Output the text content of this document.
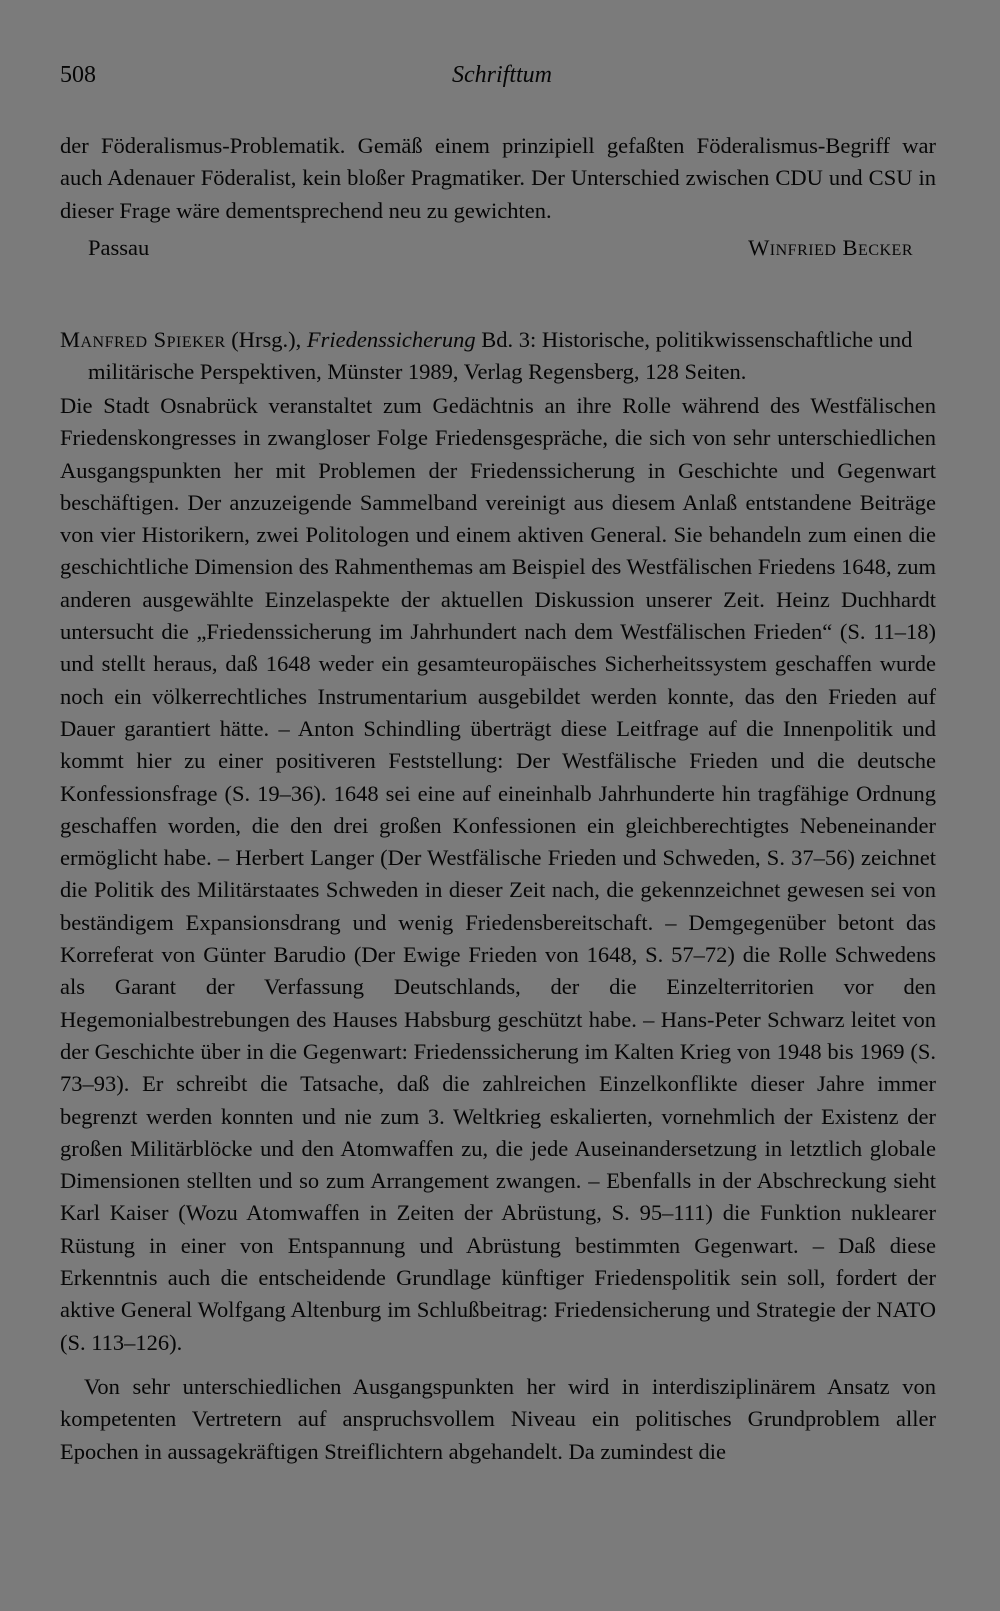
508	Schrifttum
der Föderalismus-Problematik. Gemäß einem prinzipiell gefaßten Föderalismus-Begriff war auch Adenauer Föderalist, kein bloßer Pragmatiker. Der Unterschied zwischen CDU und CSU in dieser Frage wäre dementsprechend neu zu gewichten.
Passau	Winfried Becker
Manfred Spieker (Hrsg.), Friedenssicherung Bd. 3: Historische, politikwissenschaftliche und militärische Perspektiven, Münster 1989, Verlag Regensberg, 128 Seiten.

Die Stadt Osnabrück veranstaltet zum Gedächtnis an ihre Rolle während des Westfälischen Friedenskongresses in zwangloser Folge Friedensgespräche, die sich von sehr unterschiedlichen Ausgangspunkten her mit Problemen der Friedenssicherung in Geschichte und Gegenwart beschäftigen. Der anzuzeigende Sammelband vereinigt aus diesem Anlaß entstandene Beiträge von vier Historikern, zwei Politologen und einem aktiven General. Sie behandeln zum einen die geschichtliche Dimension des Rahmenthemas am Beispiel des Westfälischen Friedens 1648, zum anderen ausgewählte Einzelaspekte der aktuellen Diskussion unserer Zeit. Heinz Duchhardt untersucht die „Friedenssicherung im Jahrhundert nach dem Westfälischen Frieden“ (S. 11–18) und stellt heraus, daß 1648 weder ein gesamteuropäisches Sicherheitssystem geschaffen wurde noch ein völkerrechtliches Instrumentarium ausgebildet werden konnte, das den Frieden auf Dauer garantiert hätte. – Anton Schindling überträgt diese Leitfrage auf die Innenpolitik und kommt hier zu einer positiveren Feststellung: Der Westfälische Frieden und die deutsche Konfessionsfrage (S. 19–36). 1648 sei eine auf eineinhalb Jahrhunderte hin tragfähige Ordnung geschaffen worden, die den drei großen Konfessionen ein gleichberechtigtes Nebeneinander ermöglicht habe. – Herbert Langer (Der Westfälische Frieden und Schweden, S. 37–56) zeichnet die Politik des Militärstaates Schweden in dieser Zeit nach, die gekennzeichnet gewesen sei von beständigem Expansionsdrang und wenig Friedensbereitschaft. – Demgegenüber betont das Korreferat von Günter Barudio (Der Ewige Frieden von 1648, S. 57–72) die Rolle Schwedens als Garant der Verfassung Deutschlands, der die Einzelterritorien vor den Hegemonialbestrebungen des Hauses Habsburg geschützt habe. – Hans-Peter Schwarz leitet von der Geschichte über in die Gegenwart: Friedenssicherung im Kalten Krieg von 1948 bis 1969 (S. 73–93). Er schreibt die Tatsache, daß die zahlreichen Einzelkonflikte dieser Jahre immer begrenzt werden konnten und nie zum 3. Weltkrieg eskalierten, vornehmlich der Existenz der großen Militärblöcke und den Atomwaffen zu, die jede Auseinandersetzung in letztlich globale Dimensionen stellten und so zum Arrangement zwangen. – Ebenfalls in der Abschreckung sieht Karl Kaiser (Wozu Atomwaffen in Zeiten der Abrüstung, S. 95–111) die Funktion nuklearer Rüstung in einer von Entspannung und Abrüstung bestimmten Gegenwart. – Daß diese Erkenntnis auch die entscheidende Grundlage künftiger Friedenspolitik sein soll, fordert der aktive General Wolfgang Altenburg im Schlußbeitrag: Friedensicherung und Strategie der NATO (S. 113–126).

Von sehr unterschiedlichen Ausgangspunkten her wird in interdisziplinärem Ansatz von kompetenten Vertretern auf anspruchsvollem Niveau ein politisches Grundproblem aller Epochen in aussagekräftigen Streiflichtern abgehandelt. Da zumindest die
